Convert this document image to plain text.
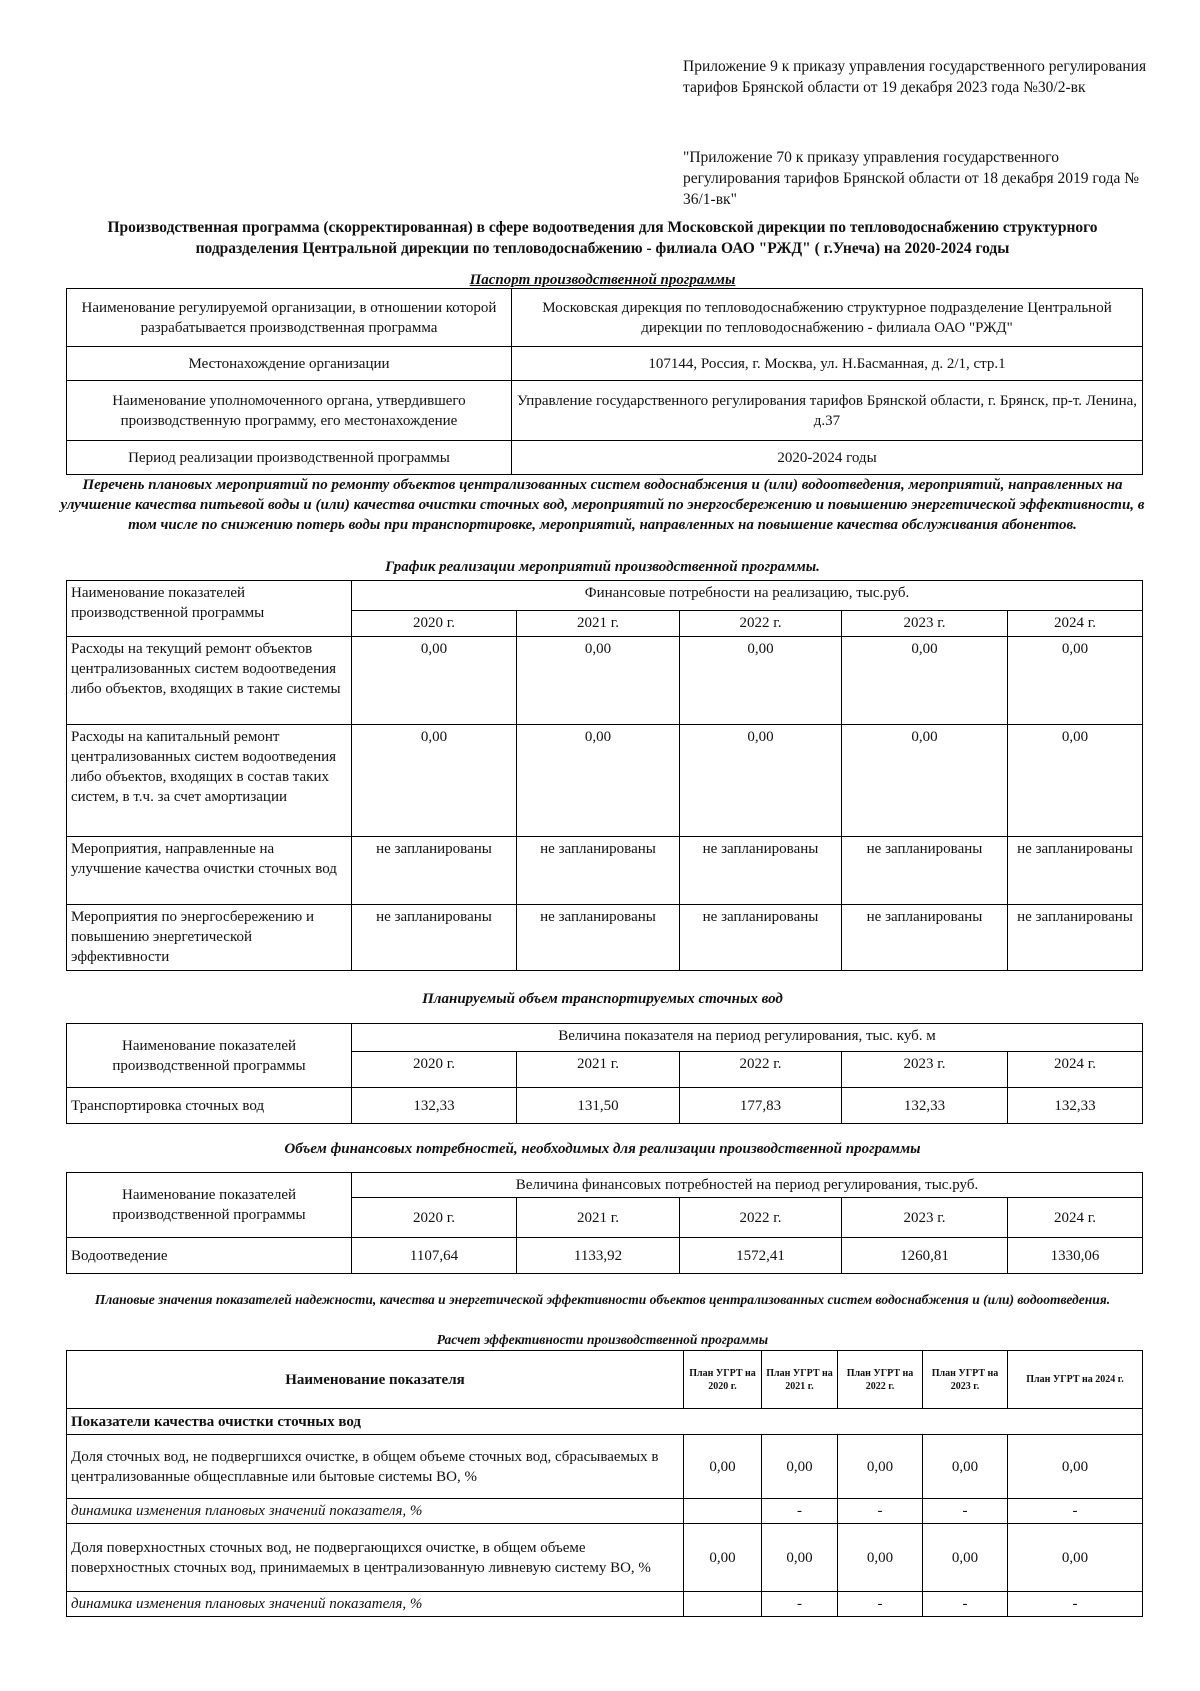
Приложение 9 к приказу управления государственного регулирования тарифов Брянской области от 19 декабря 2023 года №30/2-вк
"Приложение 70 к приказу управления государственного регулирования тарифов Брянской области от 18 декабря 2019 года № 36/1-вк"
Производственная программа (скорректированная) в сфере водоотведения для Московской дирекции по тепловодоснабжению структурного подразделения Центральной дирекции по тепловодоснабжению - филиала ОАО "РЖД" ( г.Унеча) на 2020-2024 годы
Паспорт производственной программы
Наименование регулируемой организации, в отношении которой разрабатывается производственная программа	Московская дирекция по тепловодоснабжению структурное подразделение Центральной дирекции по тепловодоснабжению - филиала ОАО "РЖД"
Местонахождение организации	107144, Россия, г. Москва, ул. Н.Басманная, д. 2/1, стр.1
Наименование уполномоченного органа, утвердившего производственную программу, его местонахождение	Управление государственного регулирования тарифов Брянской области, г. Брянск, пр-т. Ленина, д.37
Период реализации производственной программы	2020-2024 годы
Перечень плановых мероприятий по ремонту объектов централизованных систем водоснабжения и (или) водоотведения, мероприятий, направленных на улучшение качества питьевой воды и (или) качества очистки сточных вод, мероприятий по энергосбережению и повышению энергетической эффективности, в том числе по снижению потерь воды при транспортировке, мероприятий, направленных на повышение качества обслуживания абонентов.
График реализации мероприятий производственной программы.
Наименование показателей производственной программы	Финансовые потребности на реализацию, тыс.руб.				
	2020 г.	2021 г.	2022 г.	2023 г.	2024 г.
Расходы на текущий ремонт объектов централизованных систем водоотведения либо объектов, входящих в такие системы	0,00	0,00	0,00	0,00	0,00
Расходы на капитальный ремонт централизованных систем водоотведения либо объектов, входящих в состав таких систем, в т.ч. за счет амортизации	0,00	0,00	0,00	0,00	0,00
Мероприятия, направленные на улучшение качества очистки сточных вод	не запланированы	не запланированы	не запланированы	не запланированы	не запланированы
Мероприятия по энергосбережению и повышению энергетической эффективности	не запланированы	не запланированы	не запланированы	не запланированы	не запланированы
Планируемый объем транспортируемых сточных вод
Наименование показателей производственной программы	Величина показателя на период регулирования, тыс. куб. м				
	2020 г.	2021 г.	2022 г.	2023 г.	2024 г.
Транспортировка сточных вод	132,33	131,50	177,83	132,33	132,33
Объем финансовых потребностей, необходимых для реализации производственной программы
Наименование показателей производственной программы	Величина финансовых потребностей на период регулирования, тыс.руб.				
	2020 г.	2021 г.	2022 г.	2023 г.	2024 г.
Водоотведение	1107,64	1133,92	1572,41	1260,81	1330,06
Плановые значения показателей надежности, качества и энергетической эффективности объектов централизованных систем водоснабжения и (или) водоотведения.
Расчет эффективности производственной программы
Наименование показателя	План УГРТ на 2020 г.	План УГРТ на 2021 г.	План УГРТ на 2022 г.	План УГРТ на 2023 г.	План УГРТ на 2024 г.
Показатели качества очистки сточных вод					
Доля сточных вод, не подвергшихся очистке, в общем объеме сточных вод, сбрасываемых в централизованные общесплавные или бытовые системы ВО, %	0,00	0,00	0,00	0,00	0,00
динамика изменения плановых значений показателя, %		-	-	-	-
Доля поверхностных сточных вод, не подвергающихся очистке, в общем объеме поверхностных сточных вод, принимаемых в централизованную ливневую систему ВО, %	0,00	0,00	0,00	0,00	0,00
динамика изменения плановых значений показателя, %		-	-	-	-
